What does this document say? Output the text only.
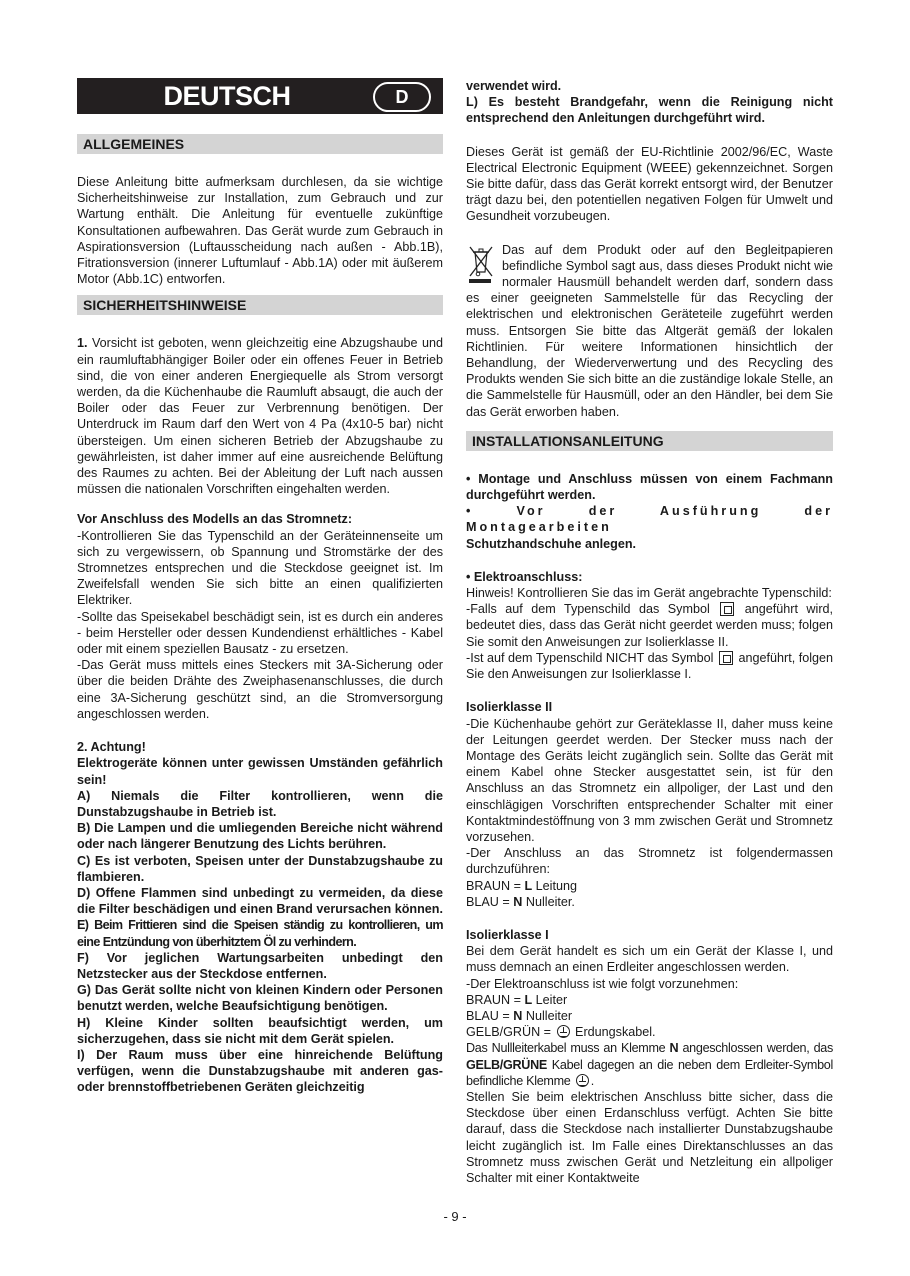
DEUTSCH	D
ALLGEMEINES

Diese Anleitung bitte aufmerksam durchlesen, da sie wichtige Sicherheitshinweise zur Installation, zum Gebrauch und zur Wartung enthält. Die Anleitung für eventuelle zukünftige Konsultationen aufbewahren. Das Gerät wurde zum Gebrauch in Aspirationsversion (Luftausscheidung nach außen - Abb.1B), Fitrationsversion (innerer Luftumlauf - Abb.1A) oder mit äußerem Motor (Abb.1C) entworfen.

SICHERHEITSHINWEISE

1. Vorsicht ist geboten, wenn gleichzeitig eine Abzugshaube und ein raumluftabhängiger Boiler oder ein offenes Feuer in Betrieb sind, die von einer anderen Energiequelle als Strom versorgt werden, da die Küchenhaube die Raumluft absaugt, die auch der Boiler oder das Feuer zur Verbrennung benötigen. Der Unterdruck im Raum darf den Wert von 4 Pa (4x10-5 bar) nicht übersteigen. Um einen sicheren Betrieb der Abzugshaube zu gewährleisten, ist daher immer auf eine ausreichende Belüftung des Raumes zu achten. Bei der Ableitung der Luft nach aussen müssen die nationalen Vorschriften eingehalten werden.

Vor Anschluss des Modells an das Stromnetz:

-Kontrollieren Sie das Typenschild an der Geräteinnenseite um sich zu vergewissern, ob Spannung und Stromstärke der des Stromnetzes entsprechen und die Steckdose geeignet ist. Im Zweifelsfall wenden Sie sich bitte an einen qualifizierten Elektriker.

-Sollte das Speisekabel beschädigt sein, ist es durch ein anderes - beim Hersteller oder dessen Kundendienst erhältliches - Kabel oder mit einem speziellen Bausatz - zu ersetzen.

-Das Gerät muss mittels eines Steckers mit 3A-Sicherung oder über die beiden Drähte des Zweiphasenanschlusses, die durch eine 3A-Sicherung geschützt sind, an die Stromversorgung angeschlossen werden.

2. Achtung!

Elektrogeräte können unter gewissen Umständen gefährlich sein!

A) Niemals die Filter kontrollieren, wenn die Dunstabzugshaube in Betrieb ist.

B) Die Lampen und die umliegenden Bereiche nicht während oder nach längerer Benutzung des Lichts berühren.

C) Es ist verboten, Speisen unter der Dunstabzugshaube zu flambieren.

D) Offene Flammen sind unbedingt zu vermeiden, da diese die Filter beschädigen und einen Brand verursachen können.

E) Beim Frittieren sind die Speisen ständig zu kontrollieren, um eine Entzündung von überhitztem Öl zu verhindern.

F) Vor jeglichen Wartungsarbeiten unbedingt den Netzstecker aus der Steckdose entfernen.

G) Das Gerät sollte nicht von kleinen Kindern oder Personen benutzt werden, welche Beaufsichtigung benötigen.

H) Kleine Kinder sollten beaufsichtigt werden, um sicherzugehen, dass sie nicht mit dem Gerät spielen.

I) Der Raum muss über eine hinreichende Belüftung verfügen, wenn die Dunstabzugshaube mit anderen gas- oder brennstoffbetriebenen Geräten gleichzeitig

verwendet wird.

L) Es besteht Brandgefahr, wenn die Reinigung nicht entsprechend den Anleitungen durchgeführt wird.

Dieses Gerät ist gemäß der EU-Richtlinie 2002/96/EC, Waste Electrical Electronic Equipment (WEEE) gekennzeichnet. Sorgen Sie bitte dafür, dass das Gerät korrekt entsorgt wird, der Benutzer trägt dazu bei, den potentiellen negativen Folgen für Umwelt und Gesundheit vorzubeugen.

Das auf dem Produkt oder auf den Begleitpapieren befindliche Symbol sagt aus, dass dieses Produkt nicht wie normaler Hausmüll behandelt werden darf, sondern dass es einer geeigneten Sammelstelle für das Recycling der elektrischen und elektronischen Geräteteile zugeführt werden muss. Entsorgen Sie bitte das Altgerät gemäß der lokalen Richtlinien. Für weitere Informationen hinsichtlich der Behandlung, der Wiederverwertung und des Recycling des Produkts wenden Sie sich bitte an die zuständige lokale Stelle, an die Sammelstelle für Hausmüll, oder an den Händler, bei dem Sie das Gerät erworben haben.

INSTALLATIONSANLEITUNG

• Montage und Anschluss müssen von einem Fachmann durchgeführt werden.

• Vor der Ausführung der Montagearbeiten

Schutzhandschuhe anlegen.

• Elektroanschluss:

Hinweis! Kontrollieren Sie das im Gerät angebrachte Typenschild:

-Falls auf dem Typenschild das Symbol	angeführt wird, bedeutet dies, dass das Gerät nicht geerdet werden muss; folgen Sie somit den Anweisungen zur Isolierklasse II.

-Ist auf dem Typenschild NICHT das Symbol angeführt, folgen Sie den Anweisungen zur Isolierklasse I.

Isolierklasse II

-Die Küchenhaube gehört zur Geräteklasse II, daher muss keine der Leitungen geerdet werden. Der Stecker muss nach der Montage des Geräts leicht zugänglich sein. Sollte das Gerät mit einem Kabel ohne Stecker ausgestattet sein, ist für den Anschluss an das Stromnetz ein allpoliger, der Last und den einschlägigen Vorschriften entsprechender Schalter mit einer Kontaktmindestöffnung von 3 mm zwischen Gerät und Stromnetz vorzusehen.

-Der Anschluss an das Stromnetz ist folgendermassen durchzuführen:

BRAUN = L Leitung

BLAU = N Nulleiter.

Isolierklasse I

Bei dem Gerät handelt es sich um ein Gerät der Klasse I, und muss demnach an einen Erdleiter angeschlossen werden.

-Der Elektroanschluss ist wie folgt vorzunehmen:

BRAUN = L Leiter

BLAU = N Nulleiter

GELB/GRÜN =  Erdungskabel.

Das Nullleiterkabel muss an Klemme N angeschlossen werden, das GELB/GRÜNE Kabel dagegen an die neben dem Erdleiter-Symbol befindliche Klemme .

Stellen Sie beim elektrischen Anschluss bitte sicher, dass die Steckdose über einen Erdanschluss verfügt. Achten Sie bitte darauf, dass die Steckdose nach installierter Dunstabzugshaube leicht zugänglich ist. Im Falle eines Direktanschlusses an das Stromnetz muss zwischen Gerät und Netzleitung ein allpoliger Schalter mit einer Kontaktweite

- 9 -
